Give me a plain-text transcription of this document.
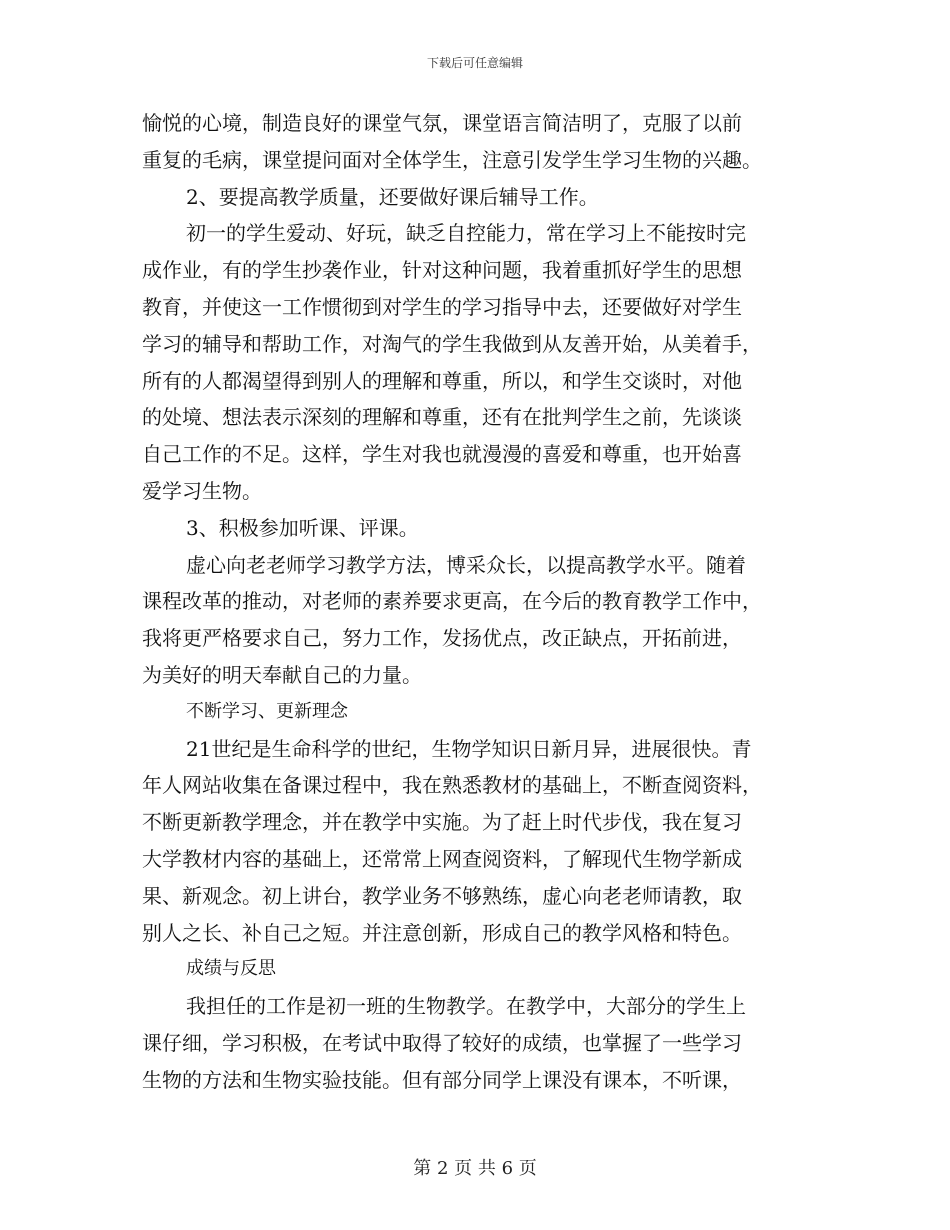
下载后可任意编辑
愉悦的心境，制造良好的课堂气氛，课堂语言简洁明了，克服了以前
重复的毛病，课堂提问面对全体学生，注意引发学生学习生物的兴趣。
2、要提高教学质量，还要做好课后辅导工作。
初一的学生爱动、好玩，缺乏自控能力，常在学习上不能按时完
成作业，有的学生抄袭作业，针对这种问题，我着重抓好学生的思想
教育，并使这一工作惯彻到对学生的学习指导中去，还要做好对学生
学习的辅导和帮助工作，对淘气的学生我做到从友善开始，从美着手，
所有的人都渴望得到别人的理解和尊重，所以，和学生交谈时，对他
的处境、想法表示深刻的理解和尊重，还有在批判学生之前，先谈谈
自己工作的不足。这样，学生对我也就漫漫的喜爱和尊重，也开始喜
爱学习生物。
3、积极参加听课、评课。
虚心向老老师学习教学方法，博采众长，以提高教学水平。随着
课程改革的推动，对老师的素养要求更高，在今后的教育教学工作中，
我将更严格要求自己，努力工作，发扬优点，改正缺点，开拓前进，
为美好的明天奉献自己的力量。
不断学习、更新理念
21世纪是生命科学的世纪，生物学知识日新月异，进展很快。青
年人网站收集在备课过程中，我在熟悉教材的基础上，不断查阅资料，
不断更新教学理念，并在教学中实施。为了赶上时代步伐，我在复习
大学教材内容的基础上，还常常上网查阅资料，了解现代生物学新成
果、新观念。初上讲台，教学业务不够熟练，虚心向老老师请教，取
别人之长、补自己之短。并注意创新，形成自己的教学风格和特色。
成绩与反思
我担任的工作是初一班的生物教学。在教学中，大部分的学生上
课仔细，学习积极，在考试中取得了较好的成绩，也掌握了一些学习
生物的方法和生物实验技能。但有部分同学上课没有课本，不听课，
第 2 页 共 6 页
